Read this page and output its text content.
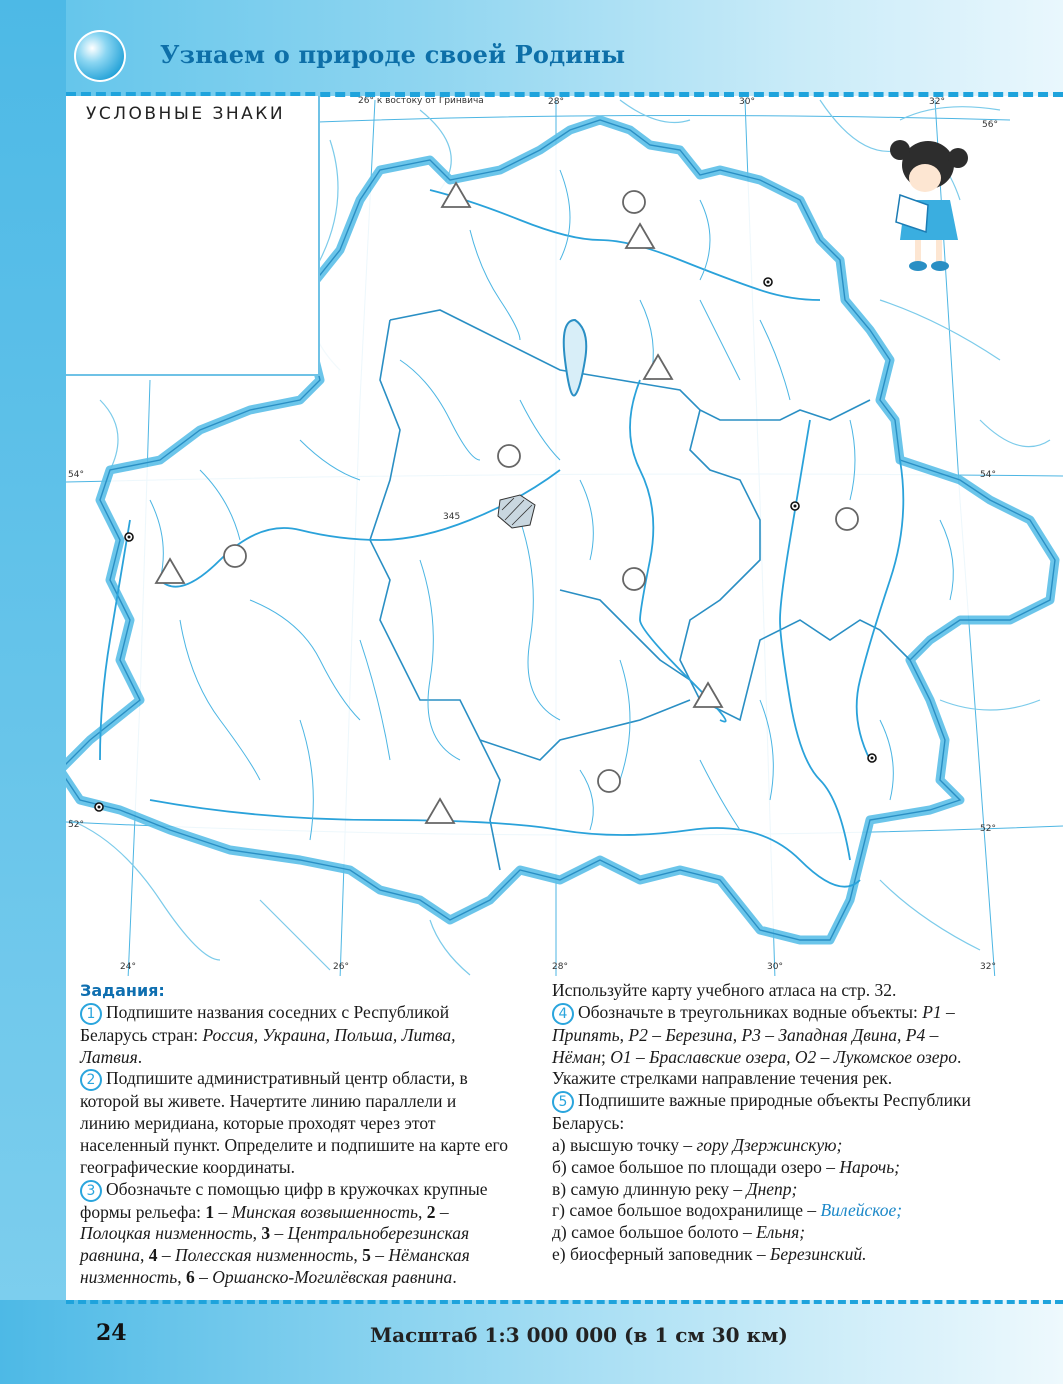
Узнаем о природе своей Родины
26° к востоку от Гринвича	28°	30°	32°
56°
54°	54°
52°	52°
24°	26°	28°	30°	32°
345
УСЛОВНЫЕ ЗНАКИ

Задания:

1 Подпишите названия соседних с Республикой Беларусь стран: Россия, Украина, Польша, Литва, Латвия.

2 Подпишите административный центр области, в которой вы живете. Начертите линию параллели и линию меридиана, которые проходят через этот населенный пункт. Определите и подпишите на карте его географические координаты.

3 Обозначьте с помощью цифр в кружочках крупные формы рельефа: 1 – Минская возвышенность, 2 – Полоцкая низменность, 3 – Центральноберезинская равнина, 4 – Полесская низменность, 5 – Нёманская низменность, 6 – Оршанско-Могилёвская равнина.

Используйте карту учебного атласа на стр. 32.

4 Обозначьте в треугольниках водные объекты: Р1 – Припять, Р2 – Березина, Р3 – Западная Двина, Р4 – Нёман; О1 – Браславские озера, О2 – Лукомское озеро. Укажите стрелками направление течения рек.

5 Подпишите важные природные объекты Республики Беларусь:

а) высшую точку – гору Дзержинскую;

б) самое большое по площади озеро – Нарочь;

в) самую длинную реку – Днепр;

г) самое большое водохранилище – Вилейское;

д) самое большое болото – Ельня;

е) биосферный заповедник – Березинский.

24	Масштаб 1:3 000 000 (в 1 см 30 км)
